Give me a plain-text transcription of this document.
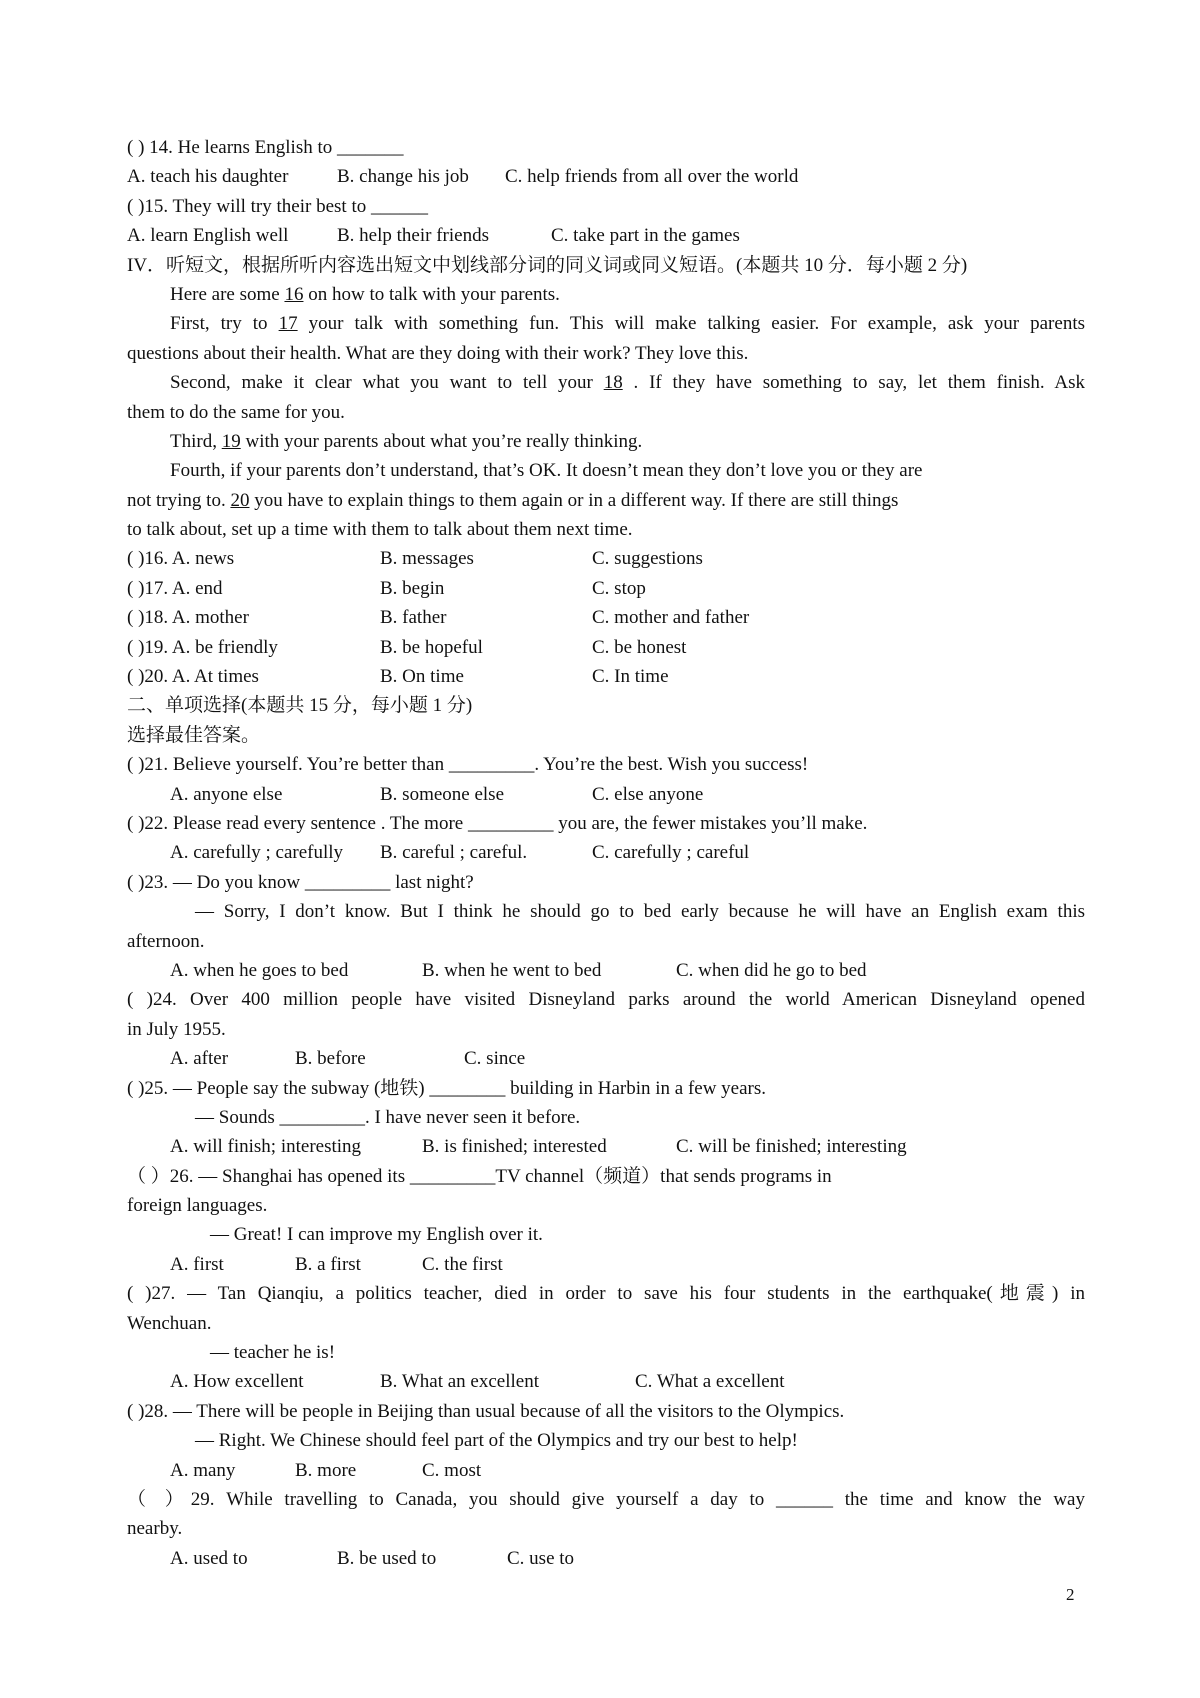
( ) 14. He learns English to _______
A. teach his daughter	B. change his job C. help friends from all over the world
( )15. They will try their best to ______
A. learn English well	B. help their friends	C. take part in the games
IV．听短文，根据所听内容选出短文中划线部分词的同义词或同义短语。(本题共 10 分．每小题 2 分)
Here are some 16 on how to talk with your parents.
First, try to 17 your talk with something fun. This will make talking easier. For example, ask your parents
questions about their health. What are they doing with their work? They love this.
Second, make it clear what you want to tell your 18 . If they have something to say, let them finish. Ask
them to do the same for you.
Third, 19 with your parents about what you’re really thinking.
Fourth, if your parents don’t understand, that’s OK. It doesn’t mean they don’t love you or they are
not trying to. 20 you have to explain things to them again or in a different way. If there are still things
to talk about, set up a time with them to talk about them next time.
( )16. A. news	B. messages	C. suggestions
( )17. A. end	B. begin	C. stop
( )18. A. mother	B. father	C. mother and father
( )19. A. be friendly	B. be hopeful	C. be honest
( )20. A. At times	B. On time	C. In time
二、单项选择(本题共 15 分，每小题 1 分)
选择最佳答案。
( )21. Believe yourself. You’re better than _________. You’re the best. Wish you success!
A. anyone else	B. someone else	C. else anyone
( )22. Please read every sentence . The more _________ you are, the fewer mistakes you’ll make.
A. carefully ; carefully B. careful ; careful.	C. carefully ; careful
( )23. — Do you know _________ last night?
— Sorry, I don’t know. But I think he should go to bed early because he will have an English exam this
afternoon.
A. when he goes to bed	B. when he went to bed	C. when did he go to bed
( )24. Over 400 million people have visited Disneyland parks around the world American Disneyland opened
in July 1955.
A. after	B. before	C. since
( )25. — People say the subway (地铁) ________ building in Harbin in a few years.
— Sounds _________. I have never seen it before.
A. will finish; interesting	B. is finished; interested	C. will be finished; interesting
（ ）26. — Shanghai has opened its _________TV channel（频道）that sends programs in
foreign languages.
— Great! I can improve my English over it.
A. first	B. a first	C. the first
( )27. — Tan Qianqiu, a politics teacher, died in order to save his four students in the earthquake(地震) in
Wenchuan.
— teacher he is!
A. How excellent	B. What an excellent	C. What a excellent
( )28. — There will be people in Beijing than usual because of all the visitors to the Olympics.
— Right. We Chinese should feel part of the Olympics and try our best to help!
A. many	B. more	C. most
（ ）29. While travelling to Canada, you should give yourself a day to ______ the time and know the way
nearby.
A. used to	B. be used to	C. use to
2
